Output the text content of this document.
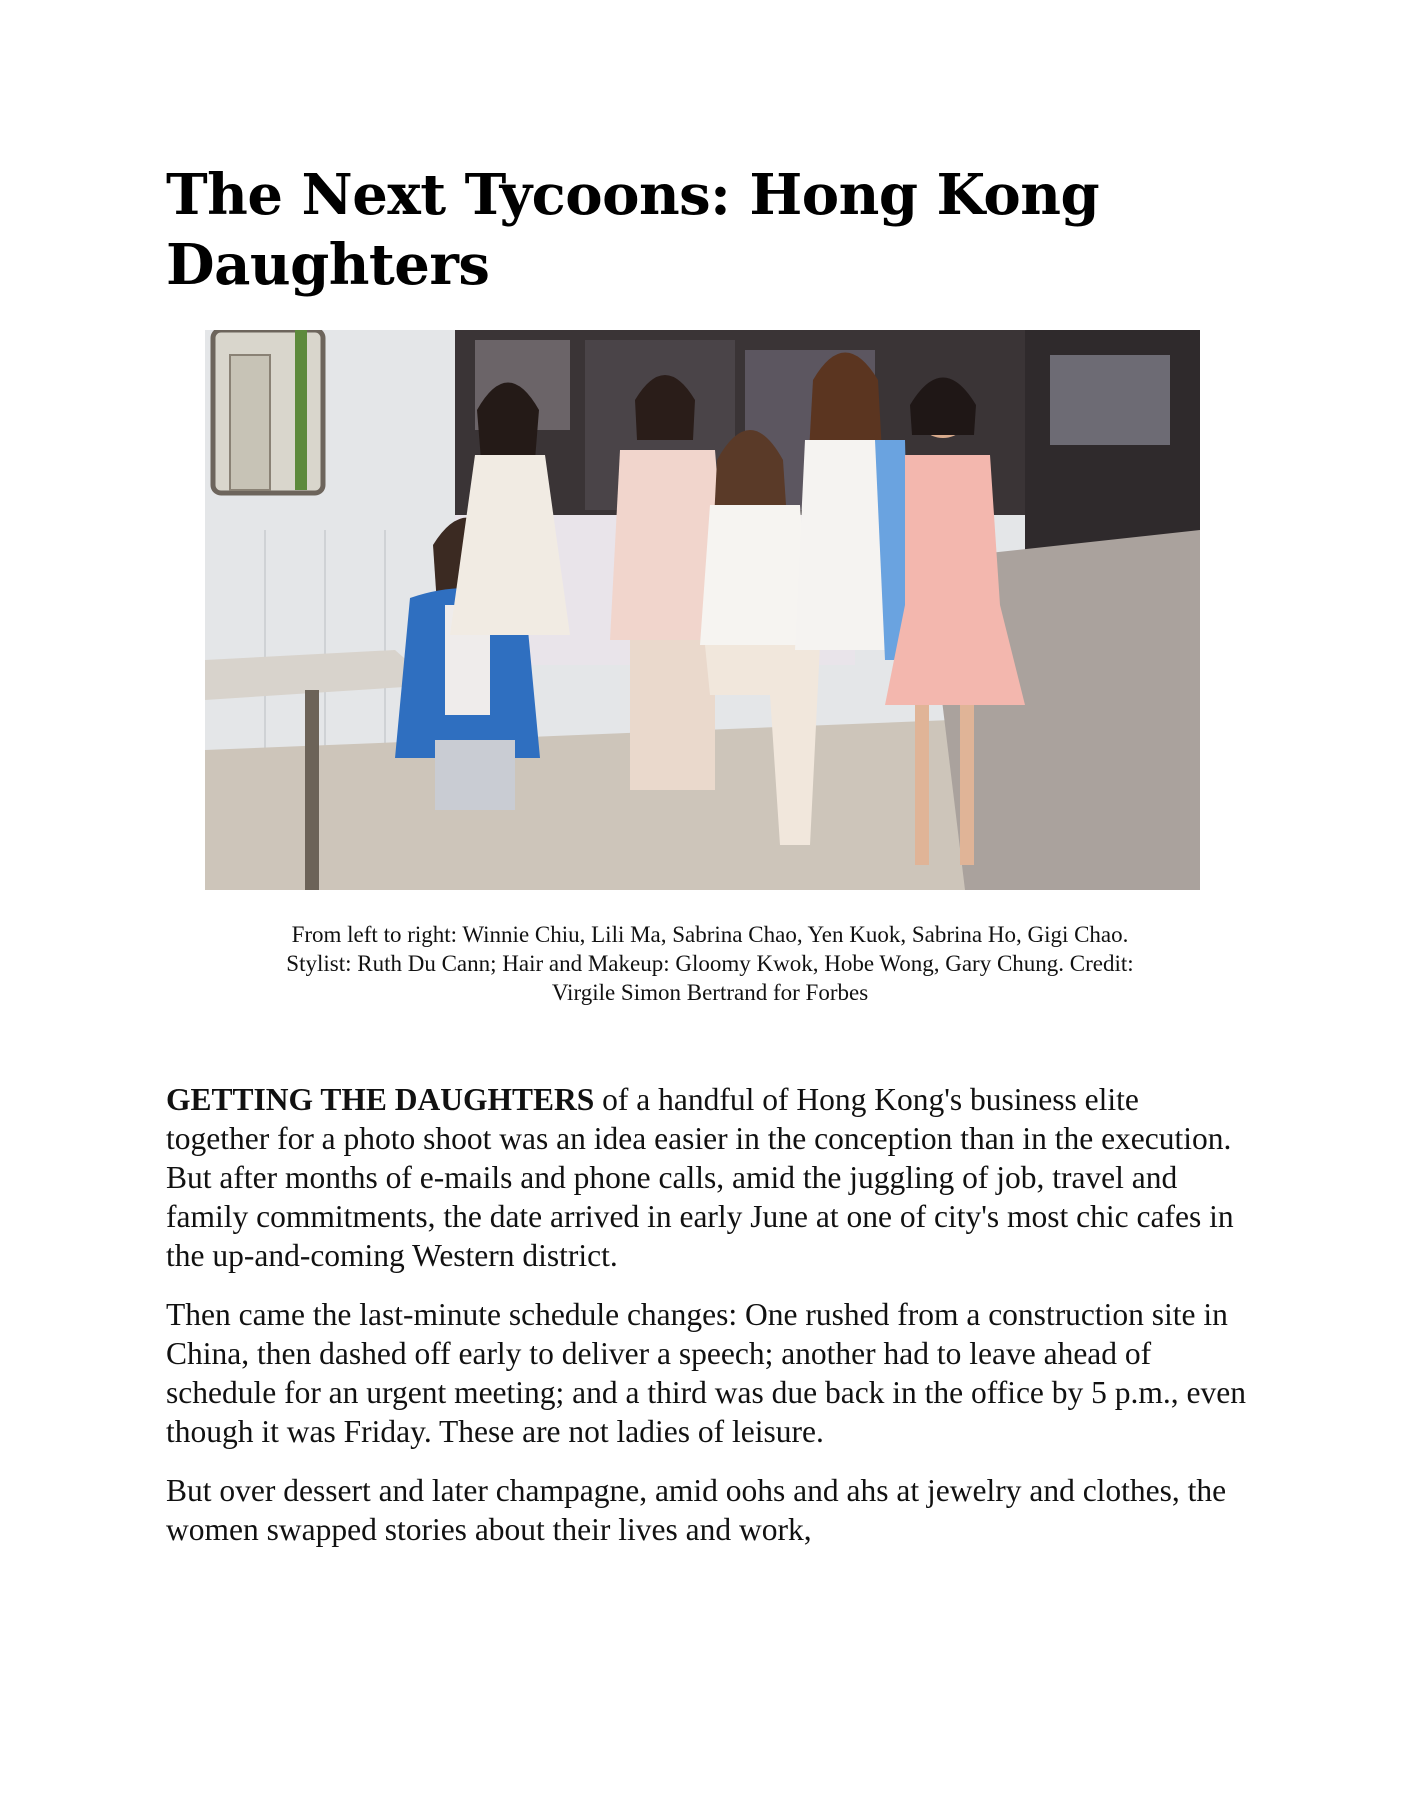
The Next Tycoons: Hong Kong Daughters

From left to right: Winnie Chiu, Lili Ma, Sabrina Chao, Yen Kuok, Sabrina Ho, Gigi Chao.

Stylist: Ruth Du Cann; Hair and Makeup: Gloomy Kwok, Hobe Wong, Gary Chung. Credit:

Virgile Simon Bertrand for Forbes

GETTING THE DAUGHTERS of a handful of Hong Kong's business elite together for a photo shoot was an idea easier in the conception than in the execution. But after months of e-mails and phone calls, amid the juggling of job, travel and family commitments, the date arrived in early June at one of city's most chic cafes in the up-and-coming Western district.

Then came the last-minute schedule changes: One rushed from a construction site in China, then dashed off early to deliver a speech; another had to leave ahead of schedule for an urgent meeting; and a third was due back in the office by 5 p.m., even though it was Friday. These are not ladies of leisure.

But over dessert and later champagne, amid oohs and ahs at jewelry and clothes, the women swapped stories about their lives and work,
